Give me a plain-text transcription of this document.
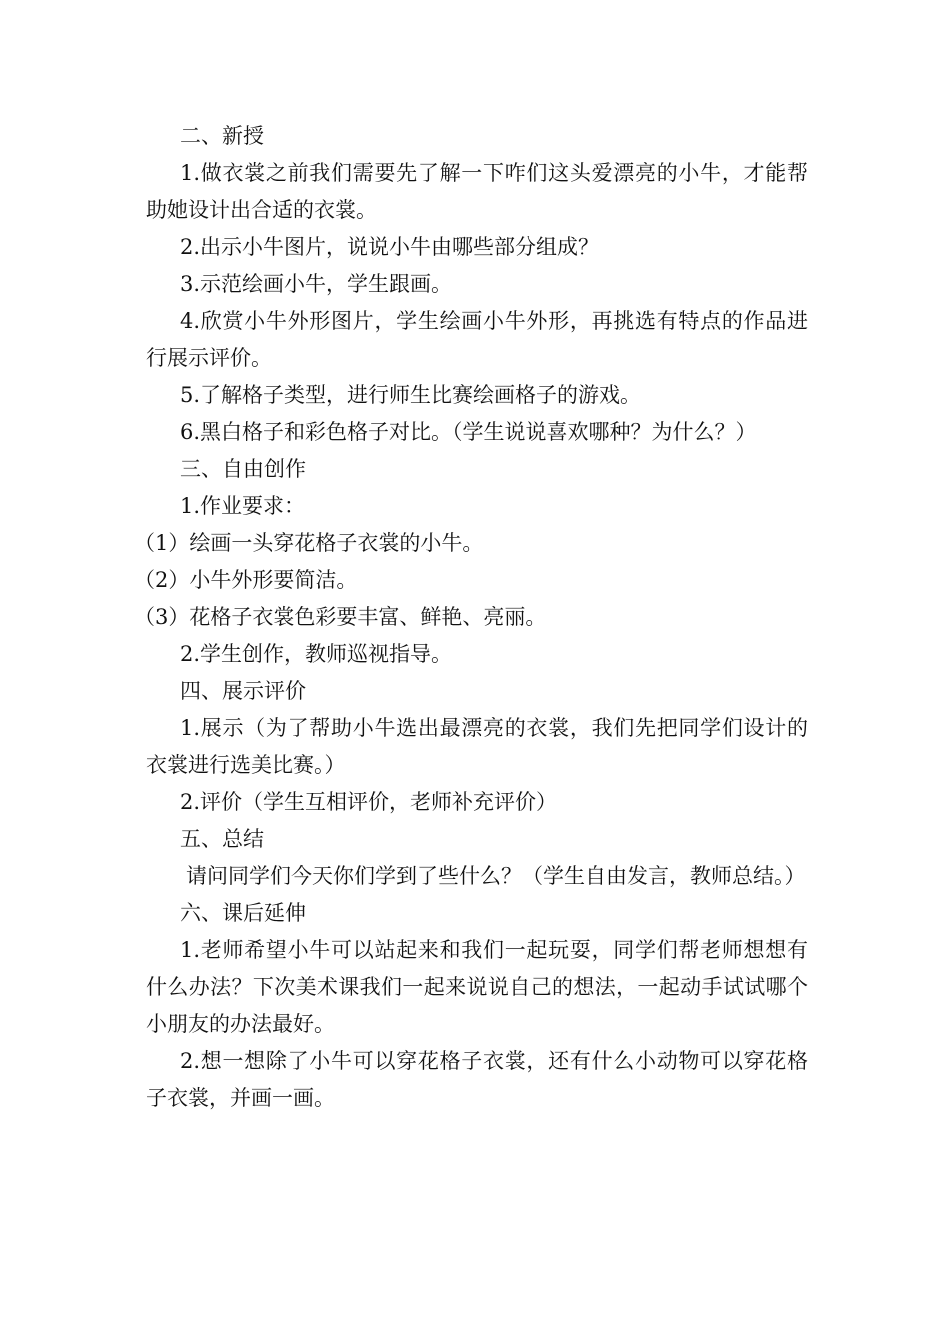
二、新授

1.做衣裳之前我们需要先了解一下咋们这头爱漂亮的小牛，才能帮助她设计出合适的衣裳。

2.出示小牛图片，说说小牛由哪些部分组成？

3.示范绘画小牛，学生跟画。

4.欣赏小牛外形图片，学生绘画小牛外形，再挑选有特点的作品进行展示评价。

5.了解格子类型，进行师生比赛绘画格子的游戏。

6.黑白格子和彩色格子对比。（学生说说喜欢哪种？为什么？）

三、自由创作

1.作业要求：

（1）绘画一头穿花格子衣裳的小牛。

（2）小牛外形要简洁。

（3）花格子衣裳色彩要丰富、鲜艳、亮丽。

2.学生创作，教师巡视指导。

四、展示评价

1.展示（为了帮助小牛选出最漂亮的衣裳，我们先把同学们设计的衣裳进行选美比赛。）

2.评价（学生互相评价，老师补充评价）

五、总结

请问同学们今天你们学到了些什么？（学生自由发言，教师总结。）

六、课后延伸

1.老师希望小牛可以站起来和我们一起玩耍，同学们帮老师想想有什么办法？下次美术课我们一起来说说自己的想法，一起动手试试哪个小朋友的办法最好。

2.想一想除了小牛可以穿花格子衣裳，还有什么小动物可以穿花格子衣裳，并画一画。
